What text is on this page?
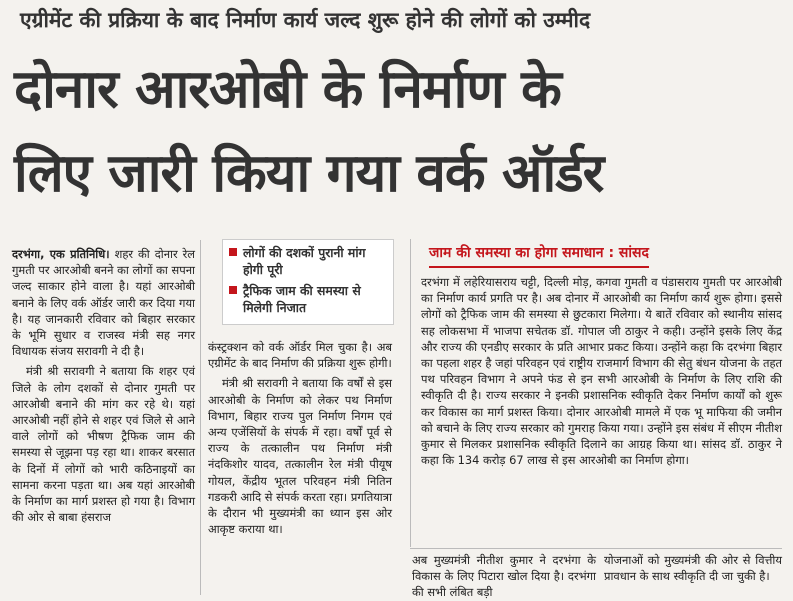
एग्रीमेंट की प्रक्रिया के बाद निर्माण कार्य जल्द शुरू होने की लोगों को उम्मीद
दोनार आरओबी के निर्माण के
लिए जारी किया गया वर्क ऑर्डर

दरभंगा, एक प्रतिनिधि। शहर की दोनार रेल गुमती पर आरओबी बनने का लोगों का सपना जल्द साकार होने वाला है। यहां आरओबी बनाने के लिए वर्क ऑर्डर जारी कर दिया गया है। यह जानकारी रविवार को बिहार सरकार के भूमि सुधार व राजस्व मंत्री सह नगर विधायक संजय सरावगी ने दी है।

मंत्री श्री सरावगी ने बताया कि शहर एवं जिले के लोग दशकों से दोनार गुमती पर आरओबी बनाने की मांग कर रहे थे। यहां आरओबी नहीं होने से शहर एवं जिले से आने वाले लोगों को भीषण ट्रैफिक जाम की समस्या से जूझना पड़ रहा था। शाकर बरसात के दिनों में लोगों को भारी कठिनाइयों का सामना करना पड़ता था। अब यहां आरओबी के निर्माण का मार्ग प्रशस्त हो गया है। विभाग की ओर से बाबा हंसराज

लोगों की दशकों पुरानी मांग होगी पूरी
ट्रैफिक जाम की समस्या से मिलेगी निजात

कंस्ट्रक्शन को वर्क ऑर्डर मिल चुका है। अब एग्रीमेंट के बाद निर्माण की प्रक्रिया शुरू होगी।

मंत्री श्री सरावगी ने बताया कि वर्षों से इस आरओबी के निर्माण को लेकर पथ निर्माण विभाग, बिहार राज्य पुल निर्माण निगम एवं अन्य एजेंसियों के संपर्क में रहा। वर्षों पूर्व से राज्य के तत्कालीन पथ निर्माण मंत्री नंदकिशोर यादव, तत्कालीन रेल मंत्री पीयूष गोयल, केंद्रीय भूतल परिवहन मंत्री नितिन गडकरी आदि से संपर्क करता रहा। प्रगतियात्रा के दौरान भी मुख्यमंत्री का ध्यान इस ओर आकृष्ट कराया था।

जाम की समस्या का होगा समाधान : सांसद
दरभंगा में लहेरियासराय चट्टी, दिल्ली मोड़, कगवा गुमती व पंडासराय गुमती पर आरओबी का निर्माण कार्य प्रगति पर है। अब दोनार में आरओबी का निर्माण कार्य शुरू होगा। इससे लोगों को ट्रैफिक जाम की समस्या से छुटकारा मिलेगा। ये बातें रविवार को स्थानीय सांसद सह लोकसभा में भाजपा सचेतक डॉ. गोपाल जी ठाकुर ने कही। उन्होंने इसके लिए केंद्र और राज्य की एनडीए सरकार के प्रति आभार प्रकट किया। उन्होंने कहा कि दरभंगा बिहार का पहला शहर है जहां परिवहन एवं राष्ट्रीय राजमार्ग विभाग की सेतु बंधन योजना के तहत पथ परिवहन विभाग ने अपने फंड से इन सभी आरओबी के निर्माण के लिए राशि की स्वीकृति दी है। राज्य सरकार ने इनकी प्रशासनिक स्वीकृति देकर निर्माण कार्यों को शुरू कर विकास का मार्ग प्रशस्त किया। दोनार आरओबी मामले में एक भू माफिया की जमीन को बचाने के लिए राज्य सरकार को गुमराह किया गया। उन्होंने इस संबंध में सीएम नीतीश कुमार से मिलकर प्रशासनिक स्वीकृति दिलाने का आग्रह किया था। सांसद डॉ. ठाकुर ने कहा कि 134 करोड़ 67 लाख से इस आरओबी का निर्माण होगा।
अब मुख्यमंत्री नीतीश कुमार ने दरभंगा के विकास के लिए पिटारा खोल दिया है। दरभंगा की सभी लंबित बड़ी
योजनाओं को मुख्यमंत्री की ओर से वित्तीय प्रावधान के साथ स्वीकृति दी जा चुकी है।
